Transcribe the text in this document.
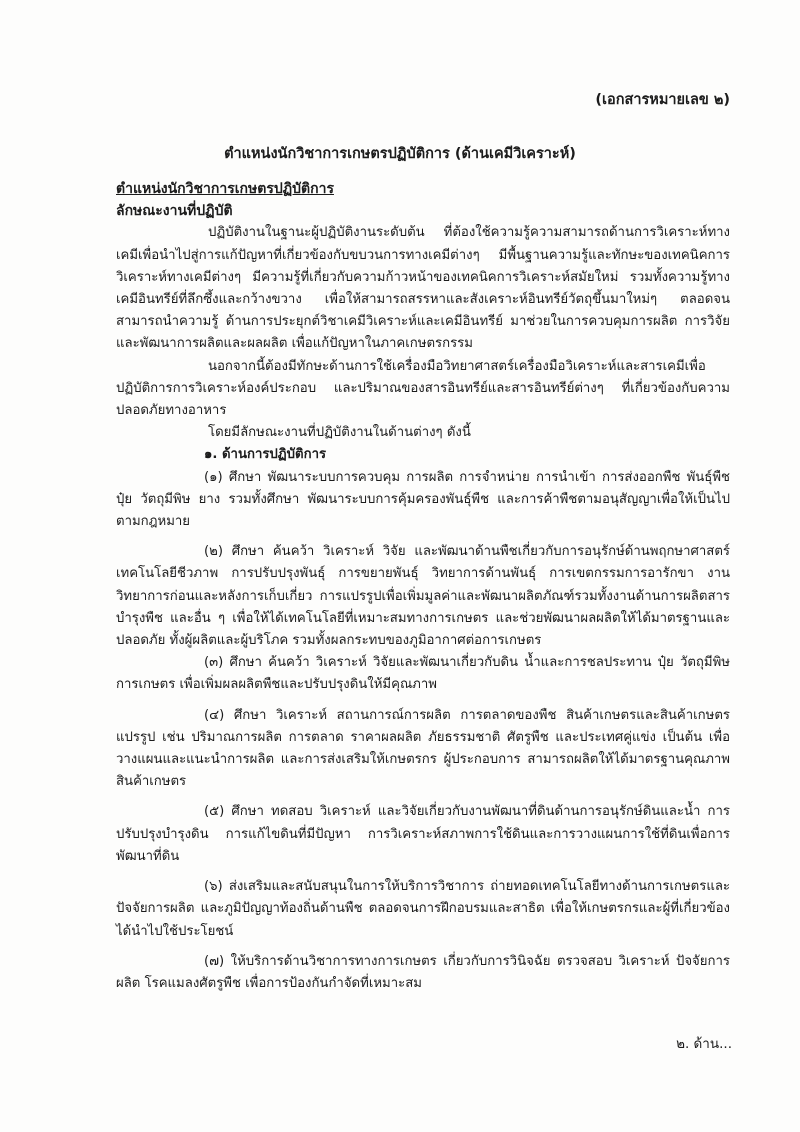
(เอกสารหมายเลข ๒)
ตำแหน่งนักวิชาการเกษตรปฏิบัติการ (ด้านเคมีวิเคราะห์)

ตำแหน่งนักวิชาการเกษตรปฏิบัติการ

ลักษณะงานที่ปฏิบัติ

ปฏิบัติงานในฐานะผู้ปฏิบัติงานระดับต้น ที่ต้องใช้ความรู้ความสามารถด้านการวิเคราะห์ทางเคมีเพื่อนำไปสู่การแก้ปัญหาที่เกี่ยวข้องกับขบวนการทางเคมีต่างๆ มีพื้นฐานความรู้และทักษะของเทคนิคการวิเคราะห์ทางเคมีต่างๆ มีความรู้ที่เกี่ยวกับความก้าวหน้าของเทคนิคการวิเคราะห์สมัยใหม่ รวมทั้งความรู้ทางเคมีอินทรีย์ที่ลึกซึ้งและกว้างขวาง เพื่อให้สามารถสรรหาและสังเคราะห์อินทรีย์วัตถุขึ้นมาใหม่ๆ ตลอดจนสามารถนำความรู้ ด้านการประยุกต์วิชาเคมีวิเคราะห์และเคมีอินทรีย์ มาช่วยในการควบคุมการผลิต การวิจัยและพัฒนาการผลิตและผลผลิต เพื่อแก้ปัญหาในภาคเกษตรกรรม

นอกจากนี้ต้องมีทักษะด้านการใช้เครื่องมือวิทยาศาสตร์เครื่องมือวิเคราะห์และสารเคมีเพื่อปฏิบัติการการวิเคราะห์องค์ประกอบ และปริมาณของสารอินทรีย์และสารอินทรีย์ต่างๆ ที่เกี่ยวข้องกับความปลอดภัยทางอาหาร

โดยมีลักษณะงานที่ปฏิบัติงานในด้านต่างๆ ดังนี้

๑. ด้านการปฏิบัติการ

(๑) ศึกษา พัฒนาระบบการควบคุม การผลิต การจำหน่าย การนำเข้า การส่งออกพืช พันธุ์พืช ปุ๋ย วัตถุมีพิษ ยาง รวมทั้งศึกษา พัฒนาระบบการคุ้มครองพันธุ์พืช และการค้าพืชตามอนุสัญญาเพื่อให้เป็นไปตามกฎหมาย

(๒) ศึกษา ค้นคว้า วิเคราะห์ วิจัย และพัฒนาด้านพืชเกี่ยวกับการอนุรักษ์ด้านพฤกษาศาสตร์ เทคโนโลยีชีวภาพ การปรับปรุงพันธุ์ การขยายพันธุ์ วิทยาการด้านพันธุ์ การเขตกรรมการอารักขา งานวิทยาการก่อนและหลังการเก็บเกี่ยว การแปรรูปเพื่อเพิ่มมูลค่าและพัฒนาผลิตภัณฑ์รวมทั้งงานด้านการผลิตสารบำรุงพืช และอื่น ๆ เพื่อให้ได้เทคโนโลยีที่เหมาะสมทางการเกษตร และช่วยพัฒนาผลผลิตให้ได้มาตรฐานและปลอดภัย ทั้งผู้ผลิตและผู้บริโภค รวมทั้งผลกระทบของภูมิอากาศต่อการเกษตร

(๓) ศึกษา ค้นคว้า วิเคราะห์ วิจัยและพัฒนาเกี่ยวกับดิน น้ำและการชลประทาน ปุ๋ย วัตถุมีพิษการเกษตร เพื่อเพิ่มผลผลิตพืชและปรับปรุงดินให้มีคุณภาพ

(๔) ศึกษา วิเคราะห์ สถานการณ์การผลิต การตลาดของพืช สินค้าเกษตรและสินค้าเกษตรแปรรูป เช่น ปริมาณการผลิต การตลาด ราคาผลผลิต ภัยธรรมชาติ ศัตรูพืช และประเทศคู่แข่ง เป็นต้น เพื่อวางแผนและแนะนำการผลิต และการส่งเสริมให้เกษตรกร ผู้ประกอบการ สามารถผลิตให้ได้มาตรฐานคุณภาพสินค้าเกษตร

(๕) ศึกษา ทดสอบ วิเคราะห์ และวิจัยเกี่ยวกับงานพัฒนาที่ดินด้านการอนุรักษ์ดินและน้ำ การปรับปรุงบำรุงดิน การแก้ไขดินที่มีปัญหา การวิเคราะห์สภาพการใช้ดินและการวางแผนการใช้ที่ดินเพื่อการพัฒนาที่ดิน

(๖) ส่งเสริมและสนับสนุนในการให้บริการวิชาการ ถ่ายทอดเทคโนโลยีทางด้านการเกษตรและปัจจัยการผลิต และภูมิปัญญาท้องถิ่นด้านพืช ตลอดจนการฝึกอบรมและสาธิต เพื่อให้เกษตรกรและผู้ที่เกี่ยวข้องได้นำไปใช้ประโยชน์

(๗) ให้บริการด้านวิชาการทางการเกษตร เกี่ยวกับการวินิจฉัย ตรวจสอบ วิเคราะห์ ปัจจัยการผลิต โรคแมลงศัตรูพืช เพื่อการป้องกันกำจัดที่เหมาะสม

๒. ด้าน...
